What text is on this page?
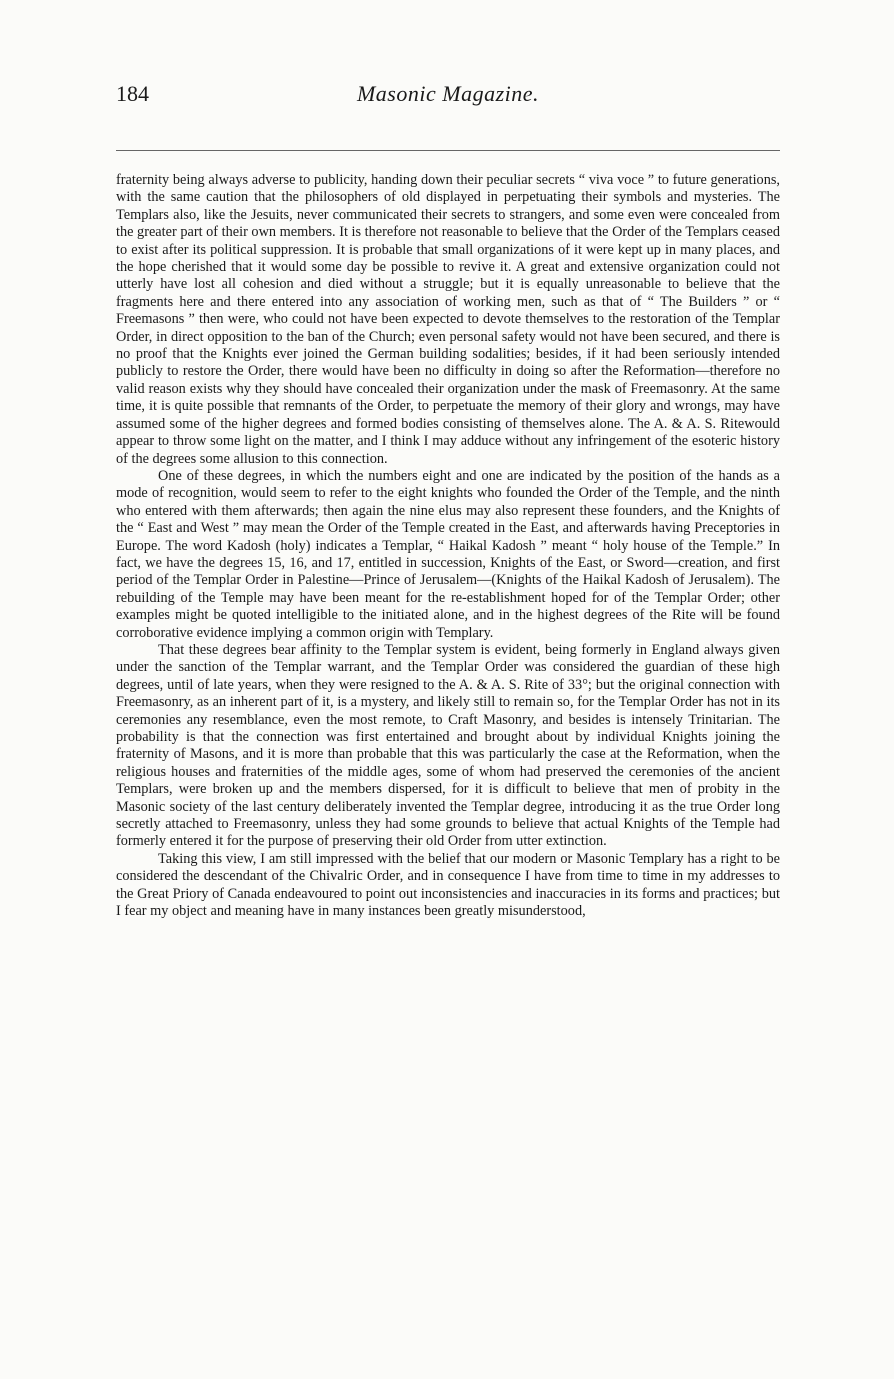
184	Masonic Magazine.

fraternity being always adverse to publicity, handing down their peculiar secrets “ viva voce ” to future generations, with the same caution that the philosophers of old displayed in perpetuating their symbols and mysteries. The Templars also, like the Jesuits, never communicated their secrets to strangers, and some even were concealed from the greater part of their own members. It is therefore not reasonable to believe that the Order of the Templars ceased to exist after its political suppression. It is probable that small organizations of it were kept up in many places, and the hope cherished that it would some day be possible to revive it. A great and extensive organization could not utterly have lost all cohesion and died without a struggle; but it is equally unreasonable to believe that the fragments here and there entered into any association of working men, such as that of “ The Builders ” or “ Freemasons ” then were, who could not have been expected to devote themselves to the restoration of the Templar Order, in direct opposition to the ban of the Church; even personal safety would not have been secured, and there is no proof that the Knights ever joined the German building sodalities; besides, if it had been seriously intended publicly to restore the Order, there would have been no difficulty in doing so after the Reformation—therefore no valid reason exists why they should have concealed their organization under the mask of Freemasonry. At the same time, it is quite possible that remnants of the Order, to perpetuate the memory of their glory and wrongs, may have assumed some of the higher degrees and formed bodies consisting of themselves alone. The A. & A. S. Ritewould appear to throw some light on the matter, and I think I may adduce without any infringement of the esoteric history of the degrees some allusion to this connection.

One of these degrees, in which the numbers eight and one are indicated by the position of the hands as a mode of recognition, would seem to refer to the eight knights who founded the Order of the Temple, and the ninth who entered with them afterwards; then again the nine elus may also represent these founders, and the Knights of the “ East and West ” may mean the Order of the Temple created in the East, and afterwards having Preceptories in Europe. The word Kadosh (holy) indicates a Templar, “ Haikal Kadosh ” meant “ holy house of the Temple.” In fact, we have the degrees 15, 16, and 17, entitled in succession, Knights of the East, or Sword—creation, and first period of the Templar Order in Palestine—Prince of Jerusalem—(Knights of the Haikal Kadosh of Jerusalem). The rebuilding of the Temple may have been meant for the re-establishment hoped for of the Templar Order; other examples might be quoted intelligible to the initiated alone, and in the highest degrees of the Rite will be found corroborative evidence implying a common origin with Templary.

That these degrees bear affinity to the Templar system is evident, being formerly in England always given under the sanction of the Templar warrant, and the Templar Order was considered the guardian of these high degrees, until of late years, when they were resigned to the A. & A. S. Rite of 33°; but the original connection with Freemasonry, as an inherent part of it, is a mystery, and likely still to remain so, for the Templar Order has not in its ceremonies any resemblance, even the most remote, to Craft Masonry, and besides is intensely Trinitarian. The probability is that the connection was first entertained and brought about by individual Knights joining the fraternity of Masons, and it is more than probable that this was particularly the case at the Reformation, when the religious houses and fraternities of the middle ages, some of whom had preserved the ceremonies of the ancient Templars, were broken up and the members dispersed, for it is difficult to believe that men of probity in the Masonic society of the last century deliberately invented the Templar degree, introducing it as the true Order long secretly attached to Freemasonry, unless they had some grounds to believe that actual Knights of the Temple had formerly entered it for the purpose of preserving their old Order from utter extinction.

Taking this view, I am still impressed with the belief that our modern or Masonic Templary has a right to be considered the descendant of the Chivalric Order, and in consequence I have from time to time in my addresses to the Great Priory of Canada endeavoured to point out inconsistencies and inaccuracies in its forms and practices; but I fear my object and meaning have in many instances been greatly misunderstood,
